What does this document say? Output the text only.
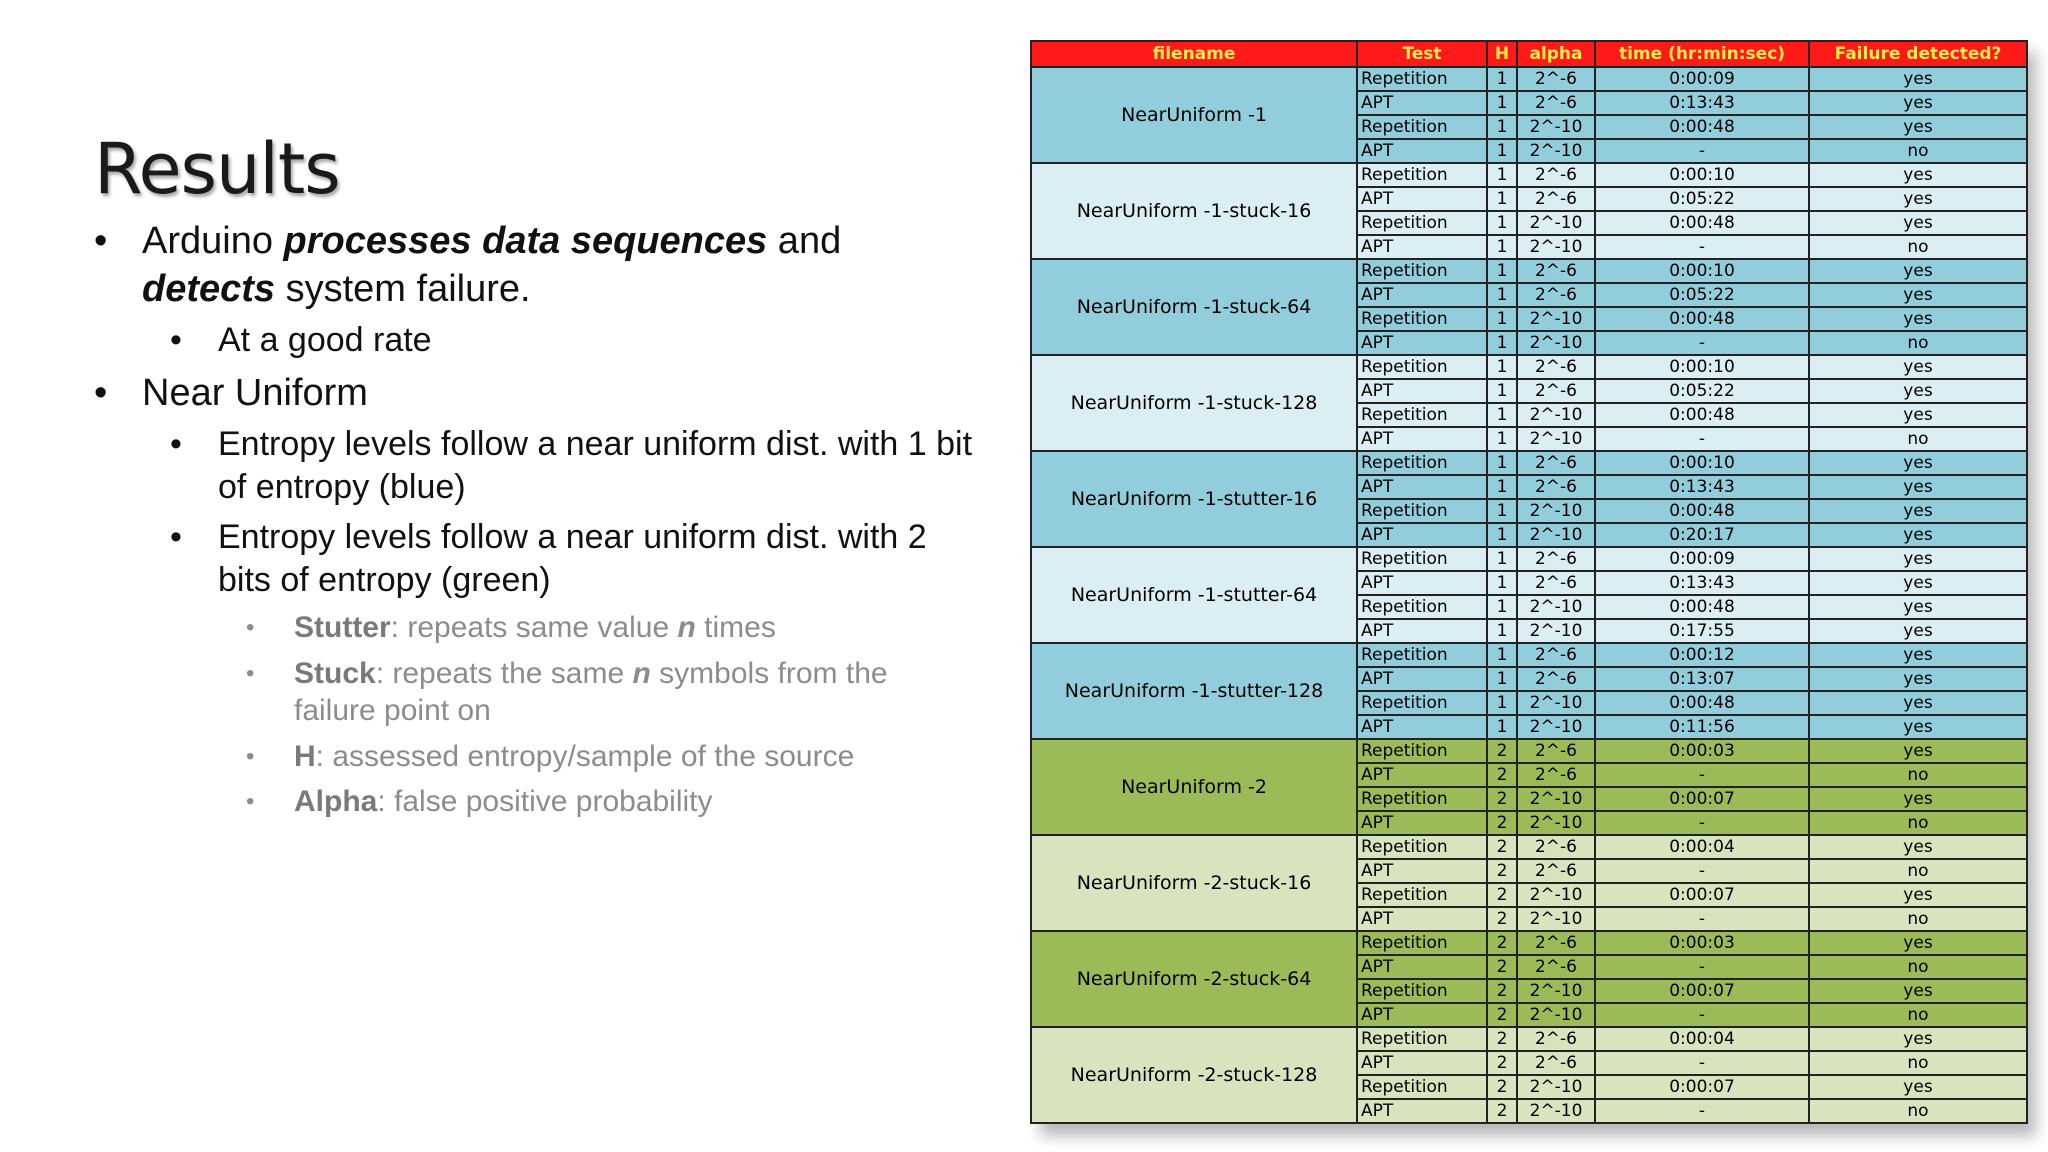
Results
• Arduino processes data sequences and detects system failure.
• At a good rate
• Near Uniform
• Entropy levels follow a near uniform dist. with 1 bit of entropy (blue)
• Entropy levels follow a near uniform dist. with 2 bits of entropy (green)
• Stutter: repeats same value n times
• Stuck: repeats the same n symbols from the failure point on
• H: assessed entropy/sample of the source
• Alpha: false positive probability
filename	Test	H	alpha	time (hr:min:sec)	Failure detected?
NearUniform -1	Repetition	1	2^-6	0:00:09	yes
	APT	1	2^-6	0:13:43	yes
	Repetition	1	2^-10	0:00:48	yes
	APT	1	2^-10	-	no
NearUniform -1-stuck-16	Repetition	1	2^-6	0:00:10	yes
	APT	1	2^-6	0:05:22	yes
	Repetition	1	2^-10	0:00:48	yes
	APT	1	2^-10	-	no
NearUniform -1-stuck-64	Repetition	1	2^-6	0:00:10	yes
	APT	1	2^-6	0:05:22	yes
	Repetition	1	2^-10	0:00:48	yes
	APT	1	2^-10	-	no
NearUniform -1-stuck-128	Repetition	1	2^-6	0:00:10	yes
	APT	1	2^-6	0:05:22	yes
	Repetition	1	2^-10	0:00:48	yes
	APT	1	2^-10	-	no
NearUniform -1-stutter-16	Repetition	1	2^-6	0:00:10	yes
	APT	1	2^-6	0:13:43	yes
	Repetition	1	2^-10	0:00:48	yes
	APT	1	2^-10	0:20:17	yes
NearUniform -1-stutter-64	Repetition	1	2^-6	0:00:09	yes
	APT	1	2^-6	0:13:43	yes
	Repetition	1	2^-10	0:00:48	yes
	APT	1	2^-10	0:17:55	yes
NearUniform -1-stutter-128	Repetition	1	2^-6	0:00:12	yes
	APT	1	2^-6	0:13:07	yes
	Repetition	1	2^-10	0:00:48	yes
	APT	1	2^-10	0:11:56	yes
NearUniform -2	Repetition	2	2^-6	0:00:03	yes
	APT	2	2^-6	-	no
	Repetition	2	2^-10	0:00:07	yes
	APT	2	2^-10	-	no
NearUniform -2-stuck-16	Repetition	2	2^-6	0:00:04	yes
	APT	2	2^-6	-	no
	Repetition	2	2^-10	0:00:07	yes
	APT	2	2^-10	-	no
NearUniform -2-stuck-64	Repetition	2	2^-6	0:00:03	yes
	APT	2	2^-6	-	no
	Repetition	2	2^-10	0:00:07	yes
	APT	2	2^-10	-	no
NearUniform -2-stuck-128	Repetition	2	2^-6	0:00:04	yes
	APT	2	2^-6	-	no
	Repetition	2	2^-10	0:00:07	yes
	APT	2	2^-10	-	no
